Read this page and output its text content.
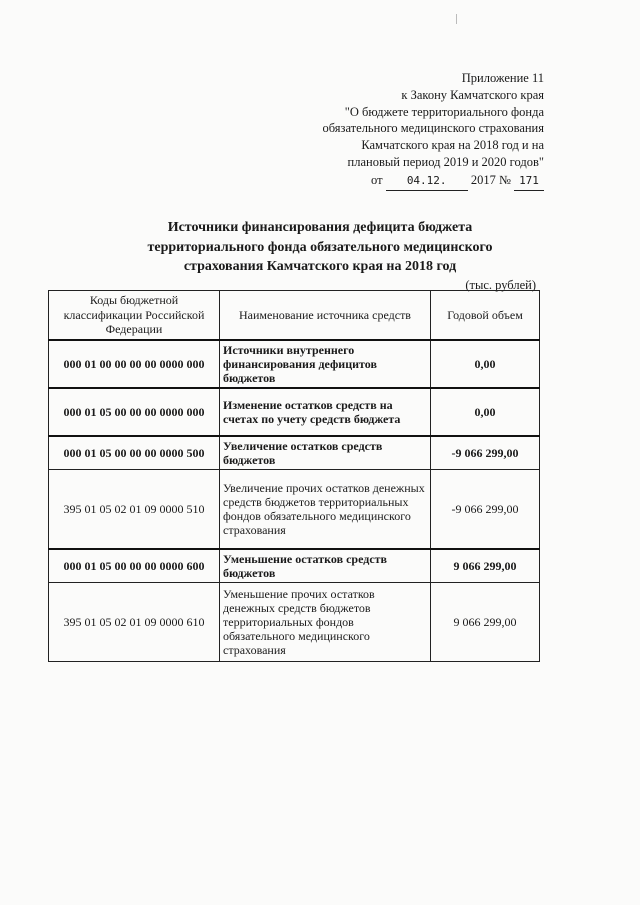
Приложение 11
к Закону Камчатского края
"О бюджете территориального фонда
обязательного медицинского страхования
Камчатского края на 2018 год и на
плановый период 2019 и 2020 годов"
от 04.12. 2017 № 171
Источники финансирования дефицита бюджета
территориального фонда обязательного медицинского
страхования Камчатского края на 2018 год
(тыс. рублей)
Коды бюджетной классификации Российской Федерации	Наименование источника средств	Годовой объем
000 01 00 00 00 00 0000 000	Источники внутреннего финансирования дефицитов бюджетов	0,00
000 01 05 00 00 00 0000 000	Изменение остатков средств на счетах по учету средств бюджета	0,00
000 01 05 00 00 00 0000 500	Увеличение остатков средств бюджетов	-9 066 299,00
395 01 05 02 01 09 0000 510	Увеличение прочих остатков денежных средств бюджетов территориальных фондов обязательного медицинского страхования	-9 066 299,00
000 01 05 00 00 00 0000 600	Уменьшение остатков средств бюджетов	9 066 299,00
395 01 05 02 01 09 0000 610	Уменьшение прочих остатков денежных средств бюджетов территориальных фондов обязательного медицинского страхования	9 066 299,00
